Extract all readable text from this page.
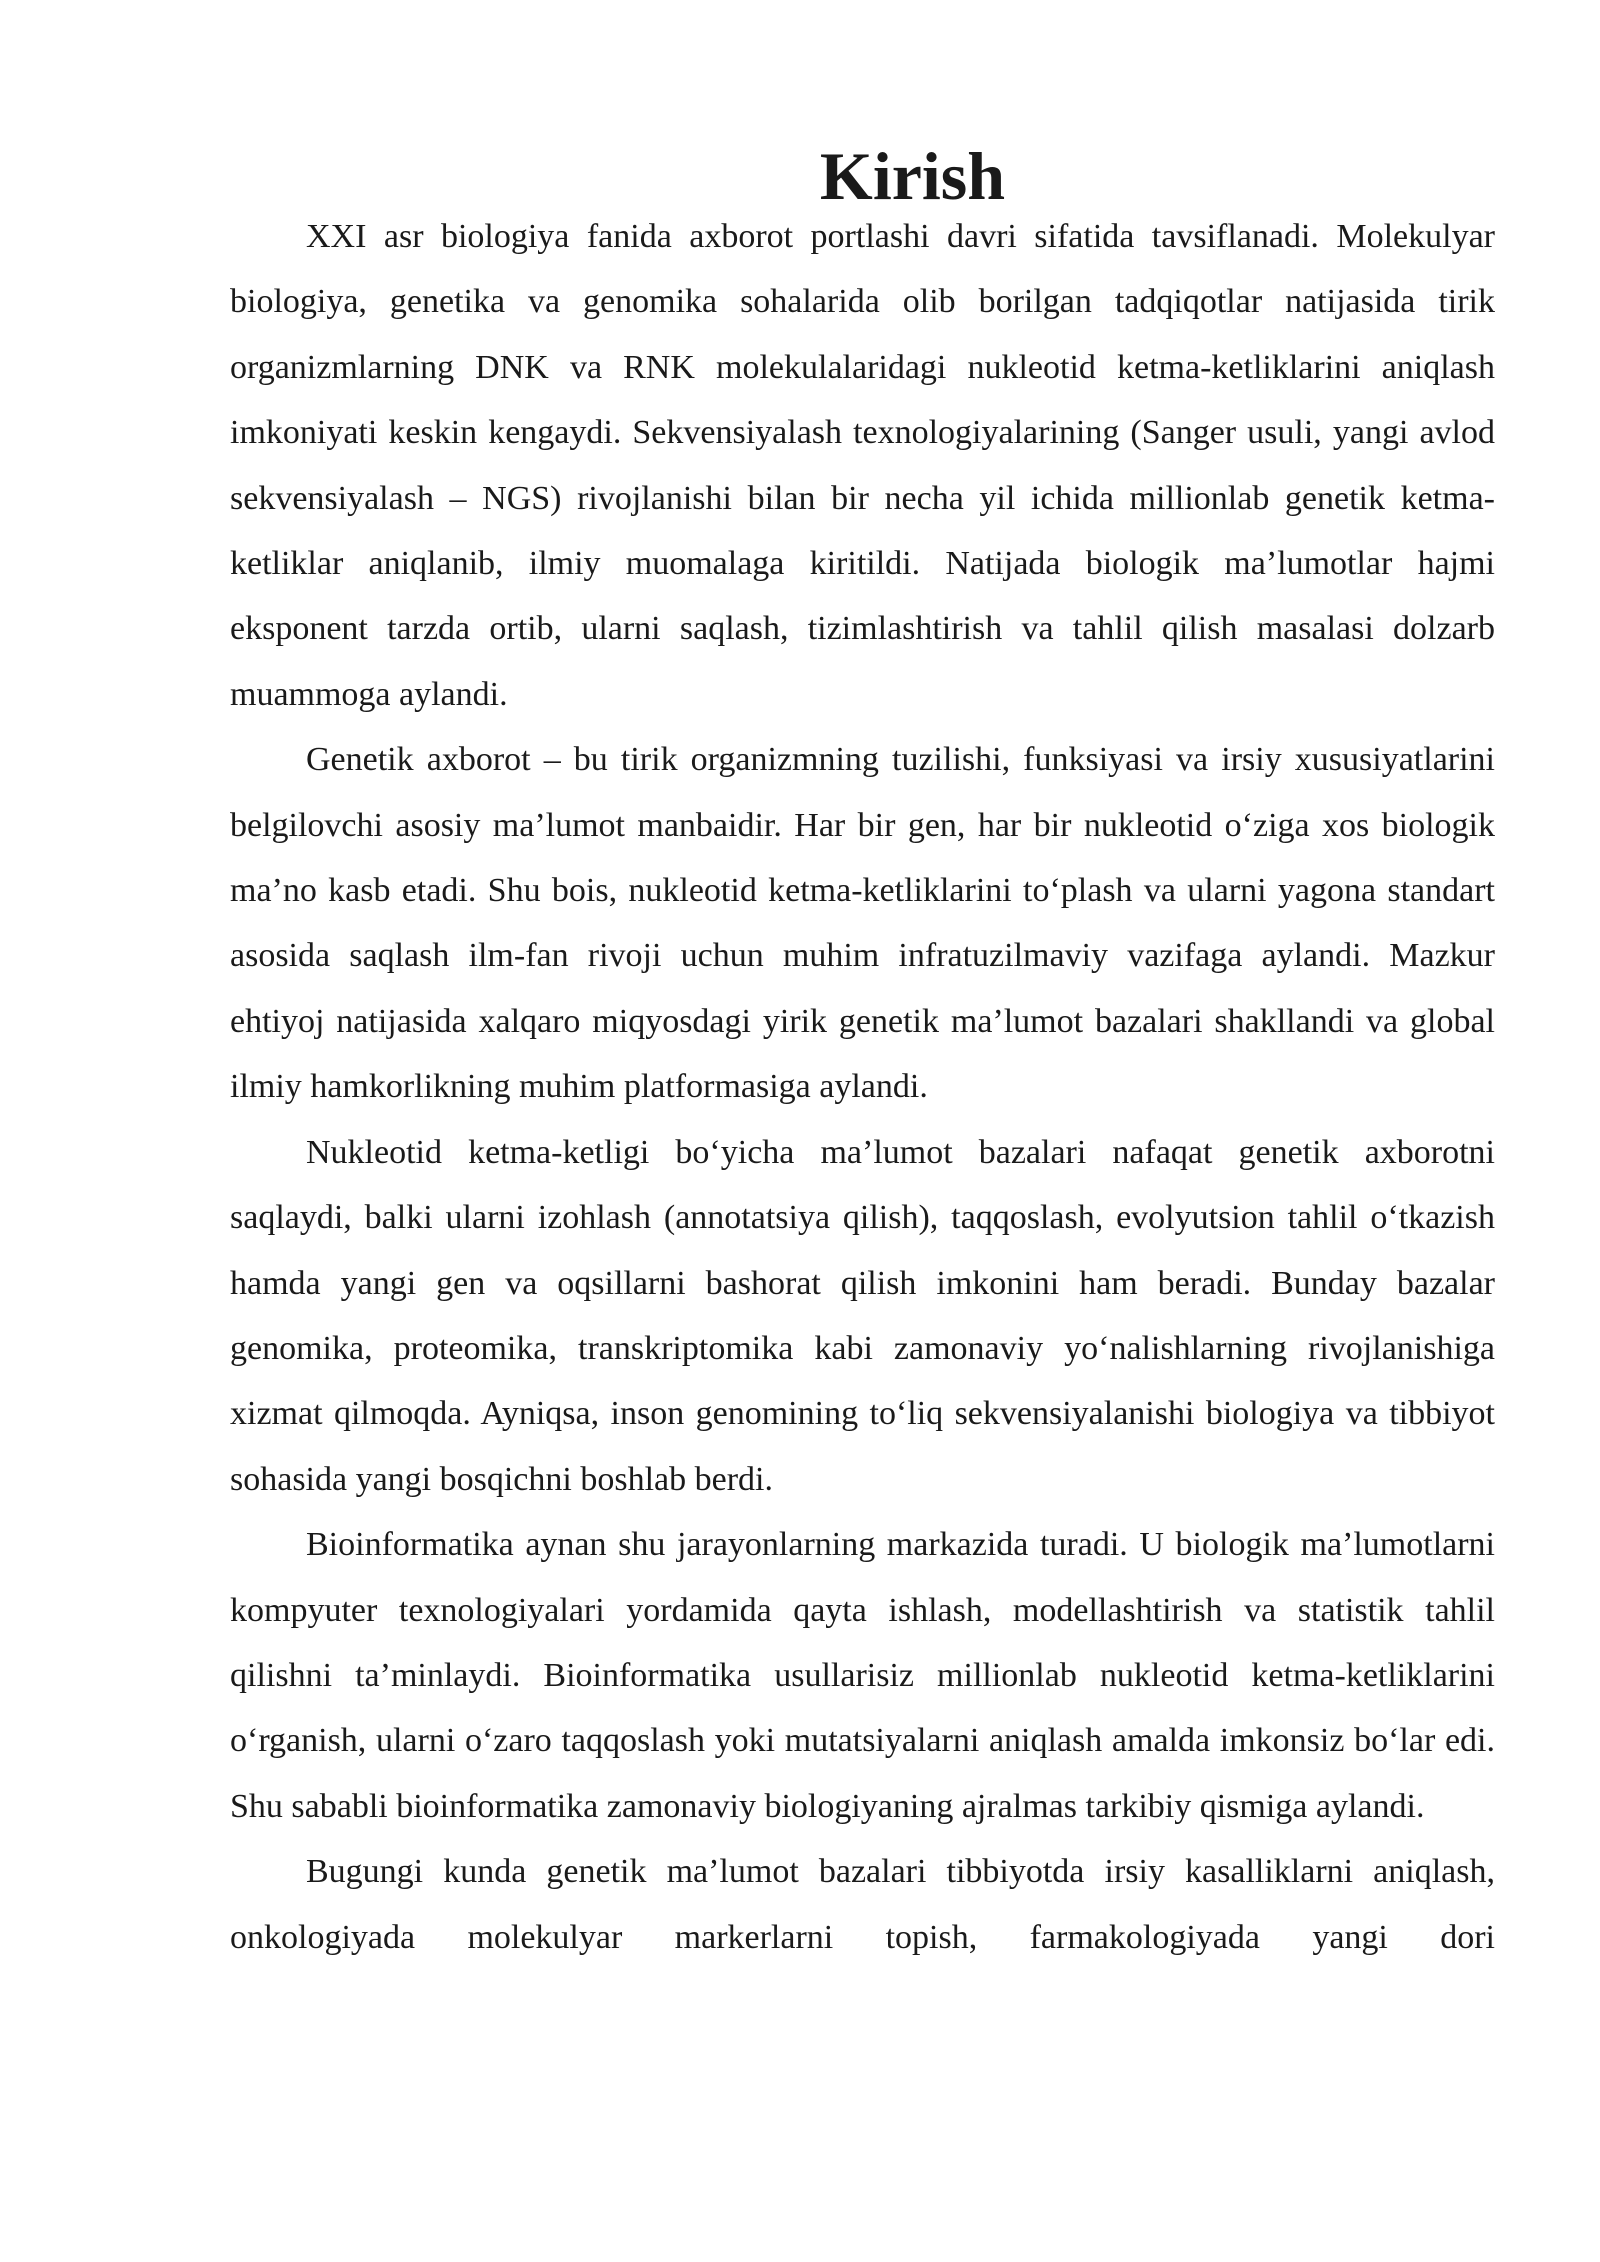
Kirish

XXI asr biologiya fanida axborot portlashi davri sifatida tavsiflanadi. Molekulyar biologiya, genetika va genomika sohalarida olib borilgan tadqiqotlar natijasida tirik organizmlarning DNK va RNK molekulalaridagi nukleotid ketma-ketliklarini aniqlash imkoniyati keskin kengaydi. Sekvensiyalash texnologiyalarining (Sanger usuli, yangi avlod sekvensiyalash – NGS) rivojlanishi bilan bir necha yil ichida millionlab genetik ketma-ketliklar aniqlanib, ilmiy muomalaga kiritildi. Natijada biologik ma’lumotlar hajmi eksponent tarzda ortib, ularni saqlash, tizimlashtirish va tahlil qilish masalasi dolzarb muammoga aylandi.

Genetik axborot – bu tirik organizmning tuzilishi, funksiyasi va irsiy xususiyatlarini belgilovchi asosiy ma’lumot manbaidir. Har bir gen, har bir nukleotid o‘ziga xos biologik ma’no kasb etadi. Shu bois, nukleotid ketma-ketliklarini to‘plash va ularni yagona standart asosida saqlash ilm-fan rivoji uchun muhim infratuzilmaviy vazifaga aylandi. Mazkur ehtiyoj natijasida xalqaro miqyosdagi yirik genetik ma’lumot bazalari shakllandi va global ilmiy hamkorlikning muhim platformasiga aylandi.

Nukleotid ketma-ketligi bo‘yicha ma’lumot bazalari nafaqat genetik axborotni saqlaydi, balki ularni izohlash (annotatsiya qilish), taqqoslash, evolyutsion tahlil o‘tkazish hamda yangi gen va oqsillarni bashorat qilish imkonini ham beradi. Bunday bazalar genomika, proteomika, transkriptomika kabi zamonaviy yo‘nalishlarning rivojlanishiga xizmat qilmoqda. Ayniqsa, inson genomining to‘liq sekvensiyalanishi biologiya va tibbiyot sohasida yangi bosqichni boshlab berdi.

Bioinformatika aynan shu jarayonlarning markazida turadi. U biologik ma’lumotlarni kompyuter texnologiyalari yordamida qayta ishlash, modellashtirish va statistik tahlil qilishni ta’minlaydi. Bioinformatika usullarisiz millionlab nukleotid ketma-ketliklarini o‘rganish, ularni o‘zaro taqqoslash yoki mutatsiyalarni aniqlash amalda imkonsiz bo‘lar edi. Shu sababli bioinformatika zamonaviy biologiyaning ajralmas tarkibiy qismiga aylandi.

Bugungi kunda genetik ma’lumot bazalari tibbiyotda irsiy kasalliklarni aniqlash, onkologiyada molekulyar markerlarni topish, farmakologiyada yangi dori
